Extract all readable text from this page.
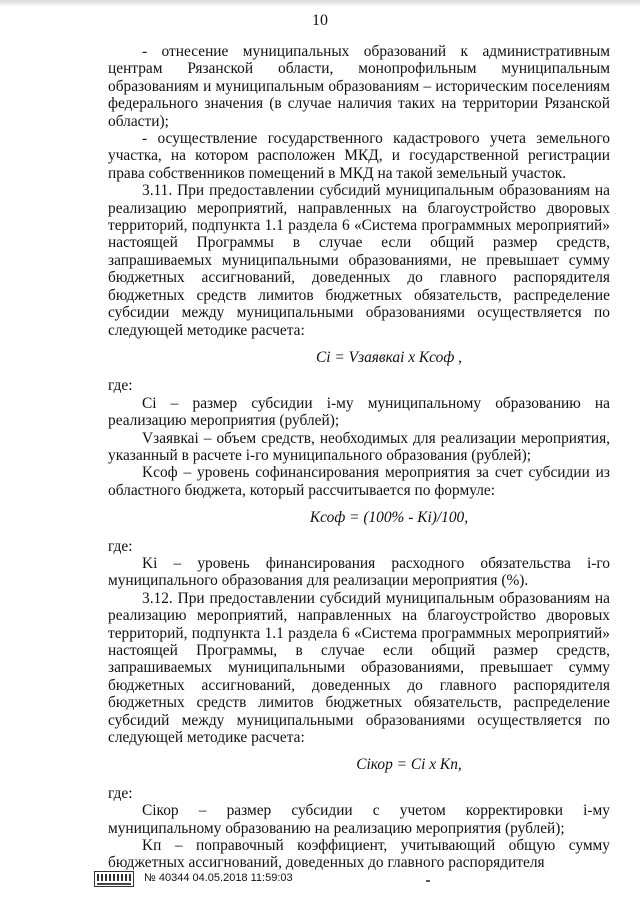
10

- отнесение муниципальных образований к административным центрам Рязанской области, монопрофильным муниципальным образованиям и муниципальным образованиям – историческим поселениям федерального значения (в случае наличия таких на территории Рязанской области);

- осуществление государственного кадастрового учета земельного участка, на котором расположен МКД, и государственной регистрации права собственников помещений в МКД на такой земельный участок.

3.11. При предоставлении субсидий муниципальным образованиям на реализацию мероприятий, направленных на благоустройство дворовых территорий, подпункта 1.1 раздела 6 «Система программных мероприятий» настоящей Программы в случае если общий размер средств, запрашиваемых муниципальными образованиями, не превышает сумму бюджетных ассигнований, доведенных до главного распорядителя бюджетных средств лимитов бюджетных обязательств, распределение субсидии между муниципальными образованиями осуществляется по следующей методике расчета:

Ci = Vзаявкаi x Kсоф ,

где:

Ci – размер субсидии i-му муниципальному образованию на реализацию мероприятия (рублей);

Vзаявкаi – объем средств, необходимых для реализации мероприятия, указанный в расчете i-го муниципального образования (рублей);

Kсоф – уровень софинансирования мероприятия за счет субсидии из областного бюджета, который рассчитывается по формуле:

Kсоф = (100% - Ki)/100,

где:

Ki – уровень финансирования расходного обязательства i-го муниципального образования для реализации мероприятия (%).

3.12. При предоставлении субсидий муниципальным образованиям на реализацию мероприятий, направленных на благоустройство дворовых территорий, подпункта 1.1 раздела 6 «Система программных мероприятий» настоящей Программы, в случае если общий размер средств, запрашиваемых муниципальными образованиями, превышает сумму бюджетных ассигнований, доведенных до главного распорядителя бюджетных средств лимитов бюджетных обязательств, распределение субсидий между муниципальными образованиями осуществляется по следующей методике расчета:

Ciкор = Ci x Kп,

где:

Ciкор – размер субсидии с учетом корректировки i-му муниципальному образованию на реализацию мероприятия (рублей);

Kп – поправочный коэффициент, учитывающий общую сумму бюджетных ассигнований, доведенных до главного распорядителя

№ 40344 04.05.2018 11:59:03
